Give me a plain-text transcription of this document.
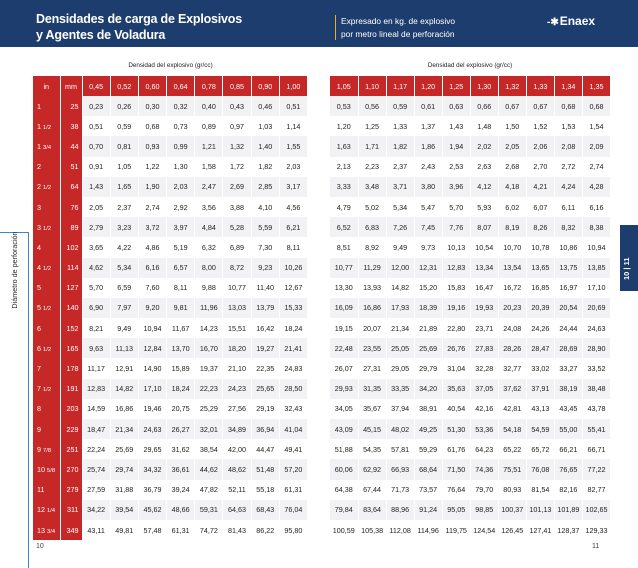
Densidades de carga de Explosivos
y Agentes de Voladura
Expresado en kg. de explosivo
por metro lineal de perforación
-✱Enaex
Diámetro de perforación	10 | 11
Densidad del explosivo (gr/cc)	Densidad del explosivo (gr/cc)
in	mm	0,45	0,52	0,60	0,64	0,78	0,85	0,90	1,00
1	25	0,23	0,26	0,30	0,32	0,40	0,43	0,46	0,51
1 1/2	38	0,51	0,59	0,68	0,73	0,89	0,97	1,03	1,14
1 3/4	44	0,70	0,81	0,93	0,99	1,21	1,32	1,40	1,55
2	51	0,91	1,05	1,22	1,30	1,58	1,72	1,82	2,03
2 1/2	64	1,43	1,65	1,90	2,03	2,47	2,69	2,85	3,17
3	76	2,05	2,37	2,74	2,92	3,56	3,88	4,10	4,56
3 1/2	89	2,79	3,23	3,72	3,97	4,84	5,28	5,59	6,21
4	102	3,65	4,22	4,86	5,19	6,32	6,89	7,30	8,11
4 1/2	114	4,62	5,34	6,16	6,57	8,00	8,72	9,23	10,26
5	127	5,70	6,59	7,60	8,11	9,88	10,77	11,40	12,67
5 1/2	140	6,90	7,97	9,20	9,81	11,96	13,03	13,79	15,33
6	152	8,21	9,49	10,94	11,67	14,23	15,51	16,42	18,24
6 1/2	165	9,63	11,13	12,84	13,70	16,70	18,20	19,27	21,41
7	178	11,17	12,91	14,90	15,89	19,37	21,10	22,35	24,83
7 1/2	191	12,83	14,82	17,10	18,24	22,23	24,23	25,65	28,50
8	203	14,59	16,86	19,46	20,75	25,29	27,56	29,19	32,43
9	229	18,47	21,34	24,63	26,27	32,01	34,89	36,94	41,04
9 7/8	251	22,24	25,69	29,65	31,62	38,54	42,00	44,47	49,41
10 5/8	270	25,74	29,74	34,32	36,61	44,62	48,62	51,48	57,20
11	279	27,59	31,88	36,79	39,24	47,82	52,11	55,18	61,31
12 1/4	311	34,22	39,54	45,62	48,66	59,31	64,63	68,43	76,04
13 3/4	349	43,11	49,81	57,48	61,31	74,72	81,43	86,22	95,80
1,05	1,10	1,17	1,20	1,25	1,30	1,32	1,33	1,34	1,35
0,53	0,56	0,59	0,61	0,63	0,66	0,67	0,67	0,68	0,68
1,20	1,25	1,33	1,37	1,43	1,48	1,50	1,52	1,53	1,54
1,63	1,71	1,82	1,86	1,94	2,02	2,05	2,06	2,08	2,09
2,13	2,23	2,37	2,43	2,53	2,63	2,68	2,70	2,72	2,74
3,33	3,48	3,71	3,80	3,96	4,12	4,18	4,21	4,24	4,28
4,79	5,02	5,34	5,47	5,70	5,93	6,02	6,07	6,11	6,16
6,52	6,83	7,26	7,45	7,76	8,07	8,19	8,26	8,32	8,38
8,51	8,92	9,49	9,73	10,13	10,54	10,70	10,78	10,86	10,94
10,77	11,29	12,00	12,31	12,83	13,34	13,54	13,65	13,75	13,85
13,30	13,93	14,82	15,20	15,83	16,47	16,72	16,85	16,97	17,10
16,09	16,86	17,93	18,39	19,16	19,93	20,23	20,39	20,54	20,69
19,15	20,07	21,34	21,89	22,80	23,71	24,08	24,26	24,44	24,63
22,48	23,55	25,05	25,69	26,76	27,83	28,26	28,47	28,69	28,90
26,07	27,31	29,05	29,79	31,04	32,28	32,77	33,02	33,27	33,52
29,93	31,35	33,35	34,20	35,63	37,05	37,62	37,91	38,19	38,48
34,05	35,67	37,94	38,91	40,54	42,16	42,81	43,13	43,45	43,78
43,09	45,15	48,02	49,25	51,30	53,36	54,18	54,59	55,00	55,41
51,88	54,35	57,81	59,29	61,76	64,23	65,22	65,72	66,21	66,71
60,06	62,92	66,93	68,64	71,50	74,36	75,51	76,08	76,65	77,22
64,38	67,44	71,73	73,57	76,64	79,70	80,93	81,54	82,16	82,77
79,84	83,64	88,96	91,24	95,05	98,85	100,37	101,13	101,89	102,65
100,59	105,38	112,08	114,96	119,75	124,54	126,45	127,41	128,37	129,33
10	11
